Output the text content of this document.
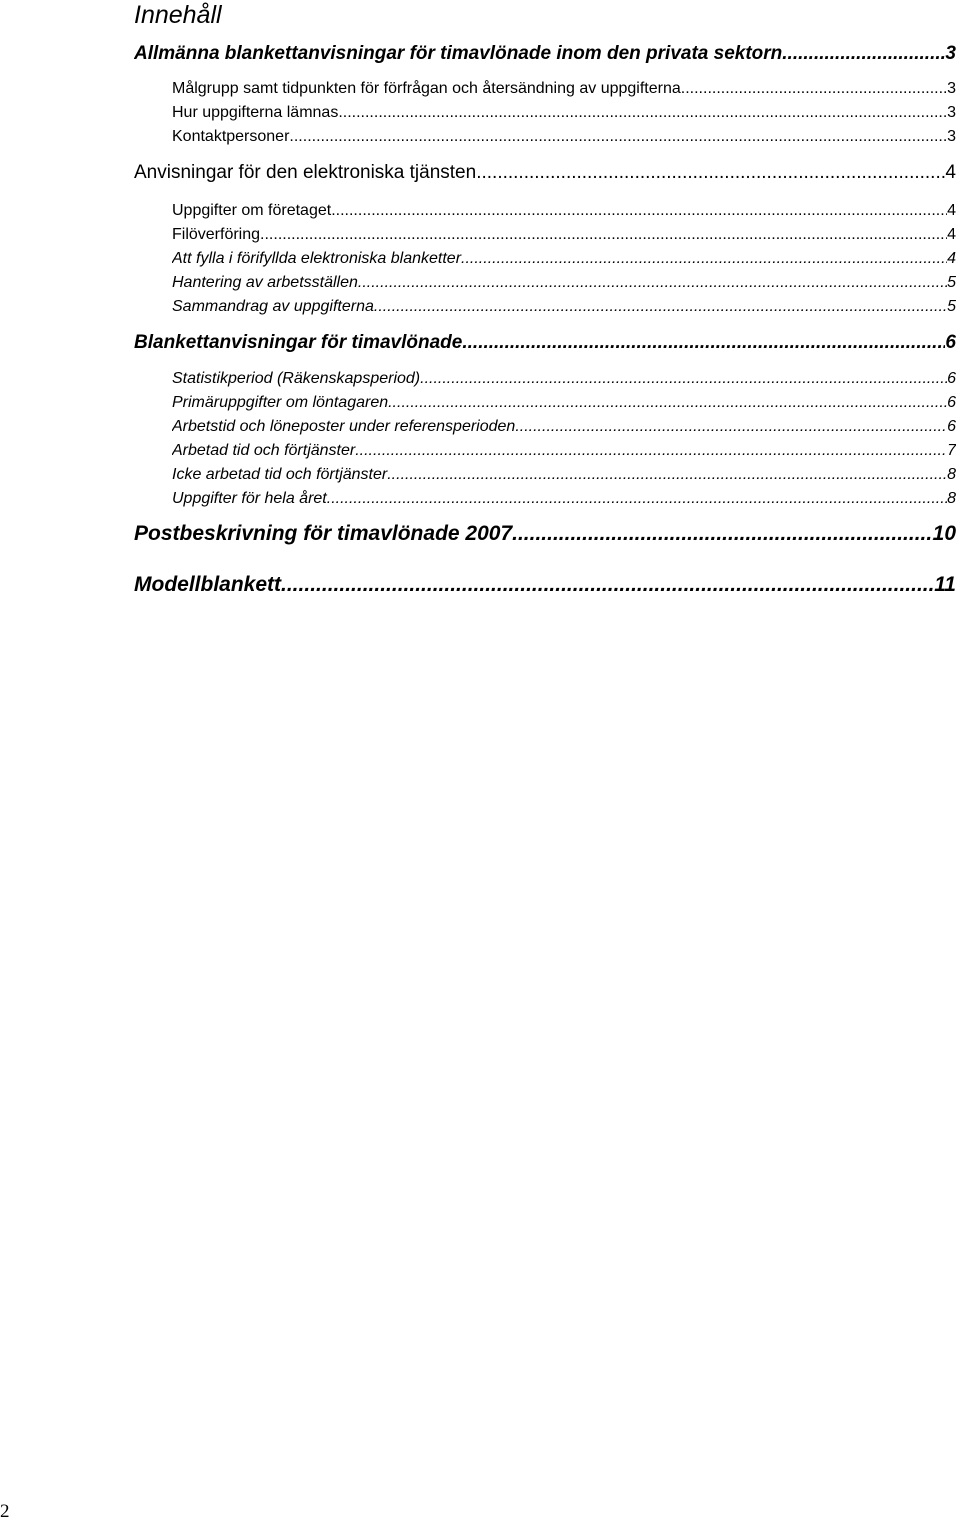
Innehåll
Allmänna blankettanvisningar för timavlönade inom den privata sektorn .....	3
Målgrupp samt tidpunkten för förfrågan och återsändning av uppgifterna .....	3
Hur uppgifterna lämnas .....	3
Kontaktpersoner .....	3
Anvisningar för den elektroniska tjänsten .....	4
Uppgifter om företaget .....	4
Filöverföring .....	4
Att fylla i förifyllda elektroniska blanketter .....	4
Hantering av arbetsställen .....	5
Sammandrag av uppgifterna .....	5
Blankettanvisningar för timavlönade .....	6
Statistikperiod (Räkenskapsperiod) .....	6
Primäruppgifter om löntagaren .....	6
Arbetstid och löneposter under referensperioden .....	6
Arbetad tid och förtjänster .....	7
Icke arbetad tid och förtjänster .....	8
Uppgifter för hela året .....	8
Postbeskrivning för timavlönade 2007 .....	10
Modellblankett .....	11
2
